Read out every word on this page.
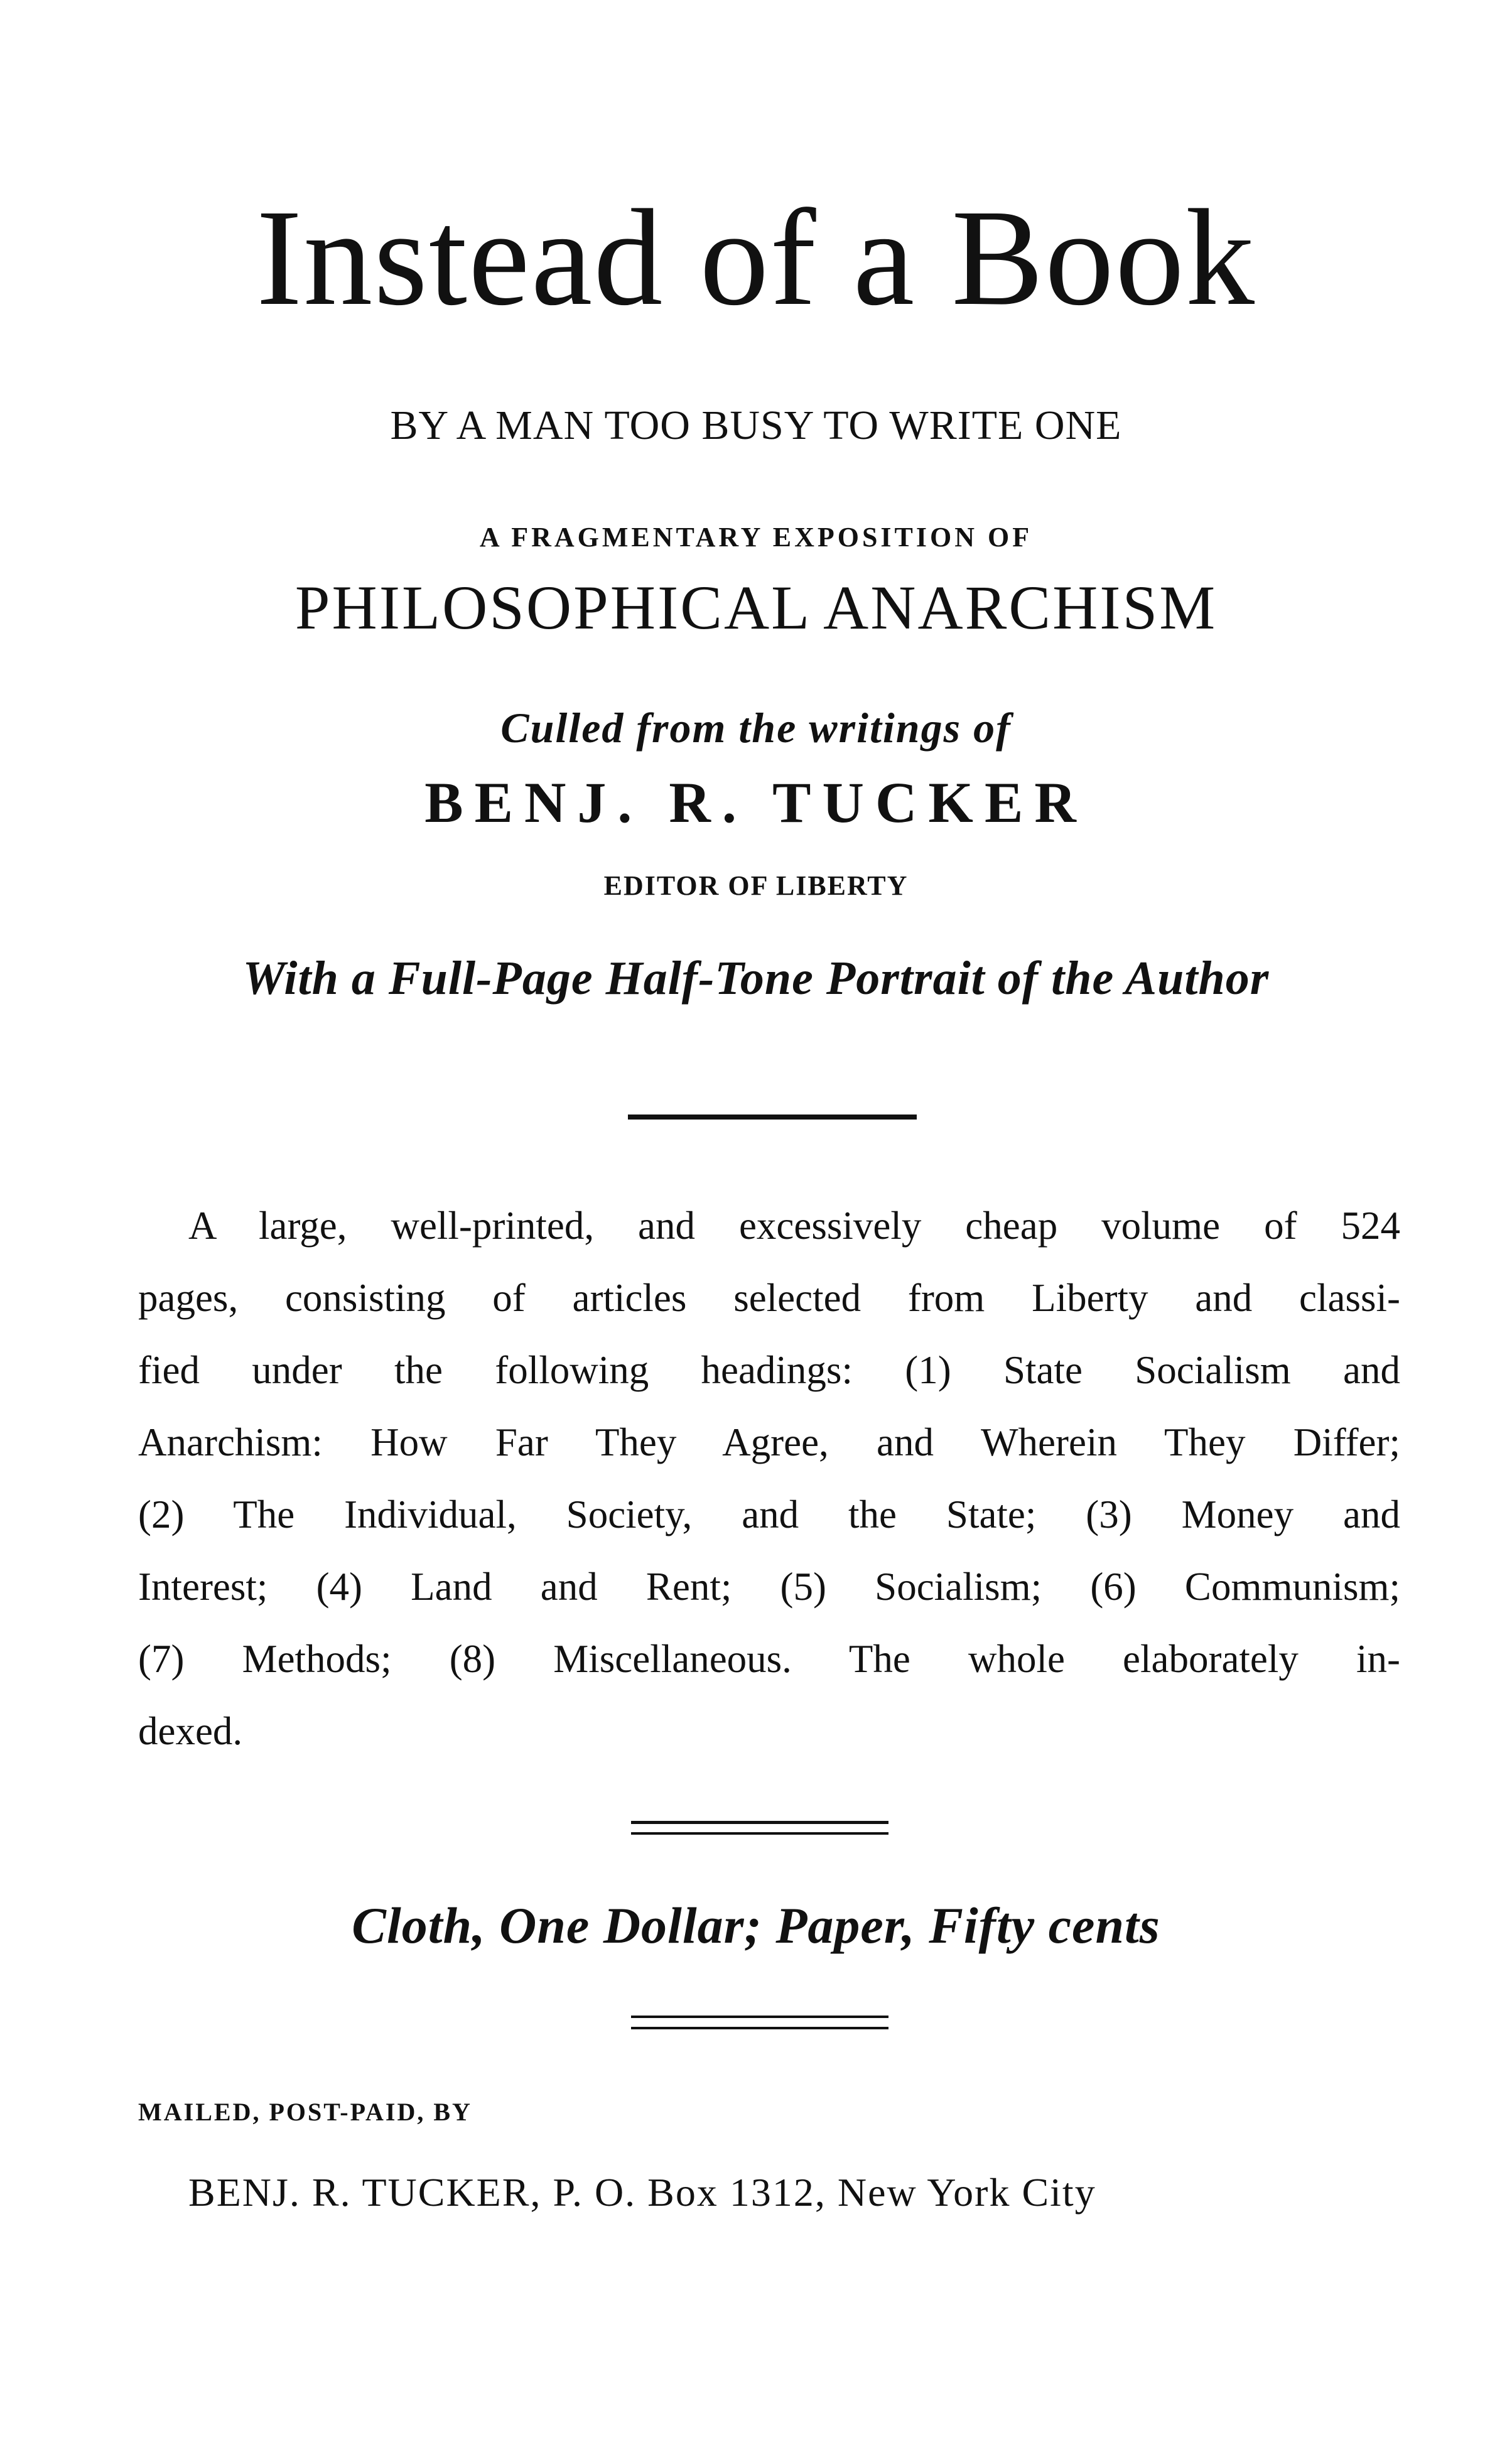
Instead of a Book
BY A MAN TOO BUSY TO WRITE ONE
A FRAGMENTARY EXPOSITION OF
PHILOSOPHICAL ANARCHISM
Culled from the writings of
BENJ. R. TUCKER
EDITOR OF LIBERTY
With a Full-Page Half-Tone Portrait of the Author
A large, well-printed, and excessively cheap volume of 524
pages, consisting of articles selected from Liberty and classi-
fied under the following headings: (1) State Socialism and
Anarchism: How Far They Agree, and Wherein They Differ;
(2) The Individual, Society, and the State; (3) Money and
Interest; (4) Land and Rent; (5) Socialism; (6) Communism;
(7) Methods; (8) Miscellaneous. The whole elaborately in-
dexed.
Cloth, One Dollar; Paper, Fifty cents
MAILED, POST-PAID, BY
BENJ. R. TUCKER, P. O. Box 1312, New York City
